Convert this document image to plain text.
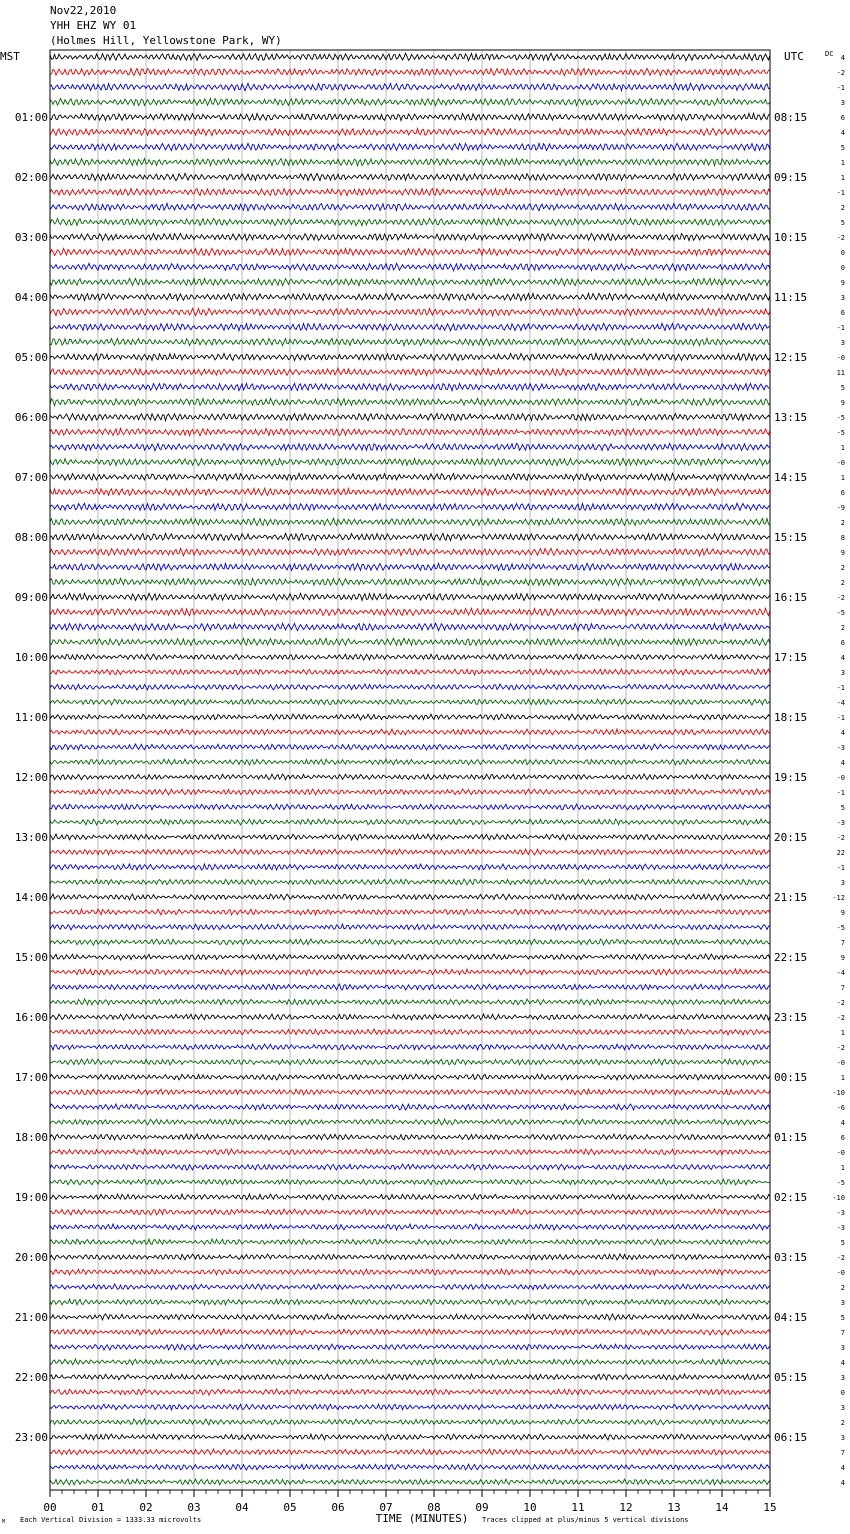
Nov22,2010
YHH EHZ WY 01
(Holmes Hill, Yellowstone Park, WY)
MST	UTC	DC
01:00
02:00
03:00
04:00
05:00
06:00
07:00
08:00
09:00
10:00
11:00
12:00
13:00
14:00
15:00
16:00
17:00
18:00
19:00
20:00
21:00
22:00
23:00
08:15
09:15
10:15
11:15
12:15
13:15
14:15
15:15
16:15
17:15
18:15
19:15
20:15
21:15
22:15
23:15
00:15
01:15
02:15
03:15
04:15
05:15
06:15
4
-2
-1
3
6
4
5
1
1
-1
2
5
-2
0
0
9
3
6
-1
3
-0
11
5
9
-5
-5
1
-0
1
6
-9
2
8
9
2
2
-2
-5
2
6
4
3
-1
-4
-1
4
-3
4
-0
-1
5
-3
-2
22
-1
3
-12
9
-5
7
9
-4
7
-2
-2
1
-2
-0
1
-10
-6
4
6
-0
1
-5
-10
-3
-3
5
-2
-0
2
3
5
7
3
4
3
0
3
2
3
7
4
4
00	01	02	03	04	05	06	07	08	09	10	11	12	13	14	15
TIME (MINUTES)
M Each Vertical Division = 1333.33 microvolts	Traces clipped at plus/minus 5 vertical divisions
